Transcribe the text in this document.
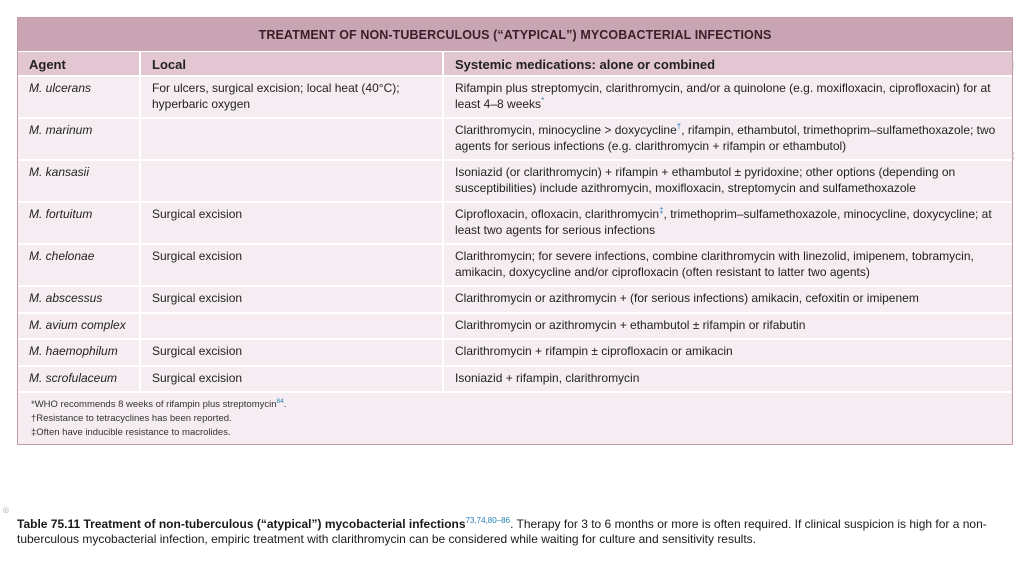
TREATMENT OF NON-TUBERCULOUS (“ATYPICAL”) MYCOBACTERIAL INFECTIONS
Agent	Local	Systemic medications: alone or combined
M. ulcerans	For ulcers, surgical excision; local heat (40°C); hyperbaric oxygen	Rifampin plus streptomycin, clarithromycin, and/or a quinolone (e.g. moxifloxacin, ciprofloxacin) for at least 4–8 weeks*
M. marinum		Clarithromycin, minocycline > doxycycline†, rifampin, ethambutol, trimethoprim–sulfamethoxazole; two agents for serious infections (e.g. clarithromycin + rifampin or ethambutol)
M. kansasii		Isoniazid (or clarithromycin) + rifampin + ethambutol ± pyridoxine; other options (depending on susceptibilities) include azithromycin, moxifloxacin, streptomycin and sulfamethoxazole
M. fortuitum	Surgical excision	Ciprofloxacin, ofloxacin, clarithromycin‡, trimethoprim–sulfamethoxazole, minocycline, doxycycline; at least two agents for serious infections
M. chelonae	Surgical excision	Clarithromycin; for severe infections, combine clarithromycin with linezolid, imipenem, tobramycin, amikacin, doxycycline and/or ciprofloxacin (often resistant to latter two agents)
M. abscessus	Surgical excision	Clarithromycin or azithromycin + (for serious infections) amikacin, cefoxitin or imipenem
M. avium complex		Clarithromycin or azithromycin + ethambutol ± rifampin or rifabutin
M. haemophilum	Surgical excision	Clarithromycin + rifampin ± ciprofloxacin or amikacin
M. scrofulaceum	Surgical excision	Isoniazid + rifampin, clarithromycin
*WHO recommends 8 weeks of rifampin plus streptomycin$^{84}$.
†Resistance to tetracyclines has been reported.
‡Often have inducible resistance to macrolides.
Table 75.11 Treatment of non-tuberculous (“atypical”) mycobacterial infections$^{73,74,80-86}$. Therapy for 3 to 6 months or more is often required. If clinical suspicion is high for a non-tuberculous mycobacterial infection, empiric treatment with clarithromycin can be considered while waiting for culture and sensitivity results.
|
(
⊕
